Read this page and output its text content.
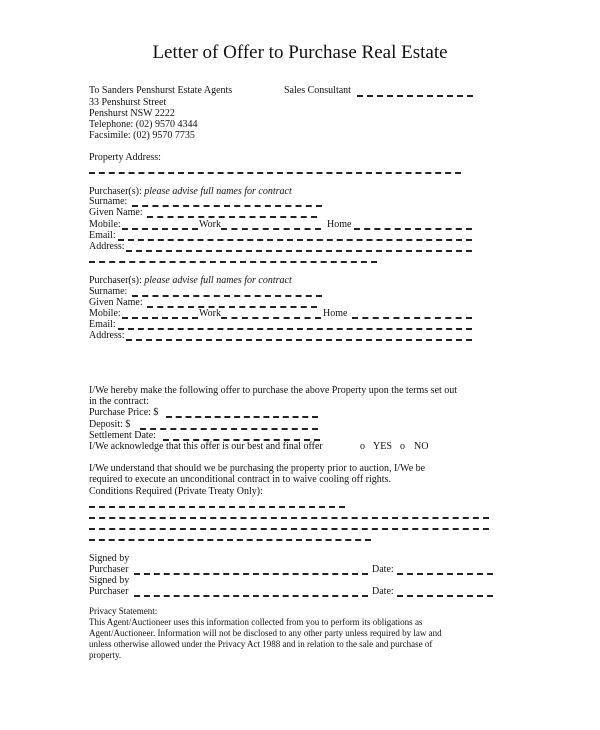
Letter of Offer to Purchase Real Estate
To Sanders Penshurst Estate Agents
33 Penshurst Street
Penshurst NSW 2222
Telephone: (02) 9570 4344
Facsimile: (02) 9570 7735
Sales Consultant
Property Address:
Purchaser(s): please advise full names for contract
Surname:
Given Name:
Mobile:	Work	Home
Email:
Address:
Purchaser(s): please advise full names for contract
Surname:
Given Name:
Mobile:	Work	Home
Email:
Address:
I/We hereby make the following offer to purchase the above Property upon the terms set out
in the contract:
Purchase Price: $
Deposit: $
Settlement Date:
I/We acknowledge that this offer is our best and final offer	o YES o NO
I/We understand that should we be purchasing the property prior to auction, I/We be
required to execute an unconditional contract in to waive cooling off rights.
Conditions Required (Private Treaty Only):
Signed by
Purchaser	Date:
Signed by
Purchaser	Date:
Privacy Statement:
This Agent/Auctioneer uses this information collected from you to perform its obligations as
Agent/Auctioneer. Information will not be disclosed to any other party unless required by law and
unless otherwise allowed under the Privacy Act 1988 and in relation to the sale and purchase of
property.
